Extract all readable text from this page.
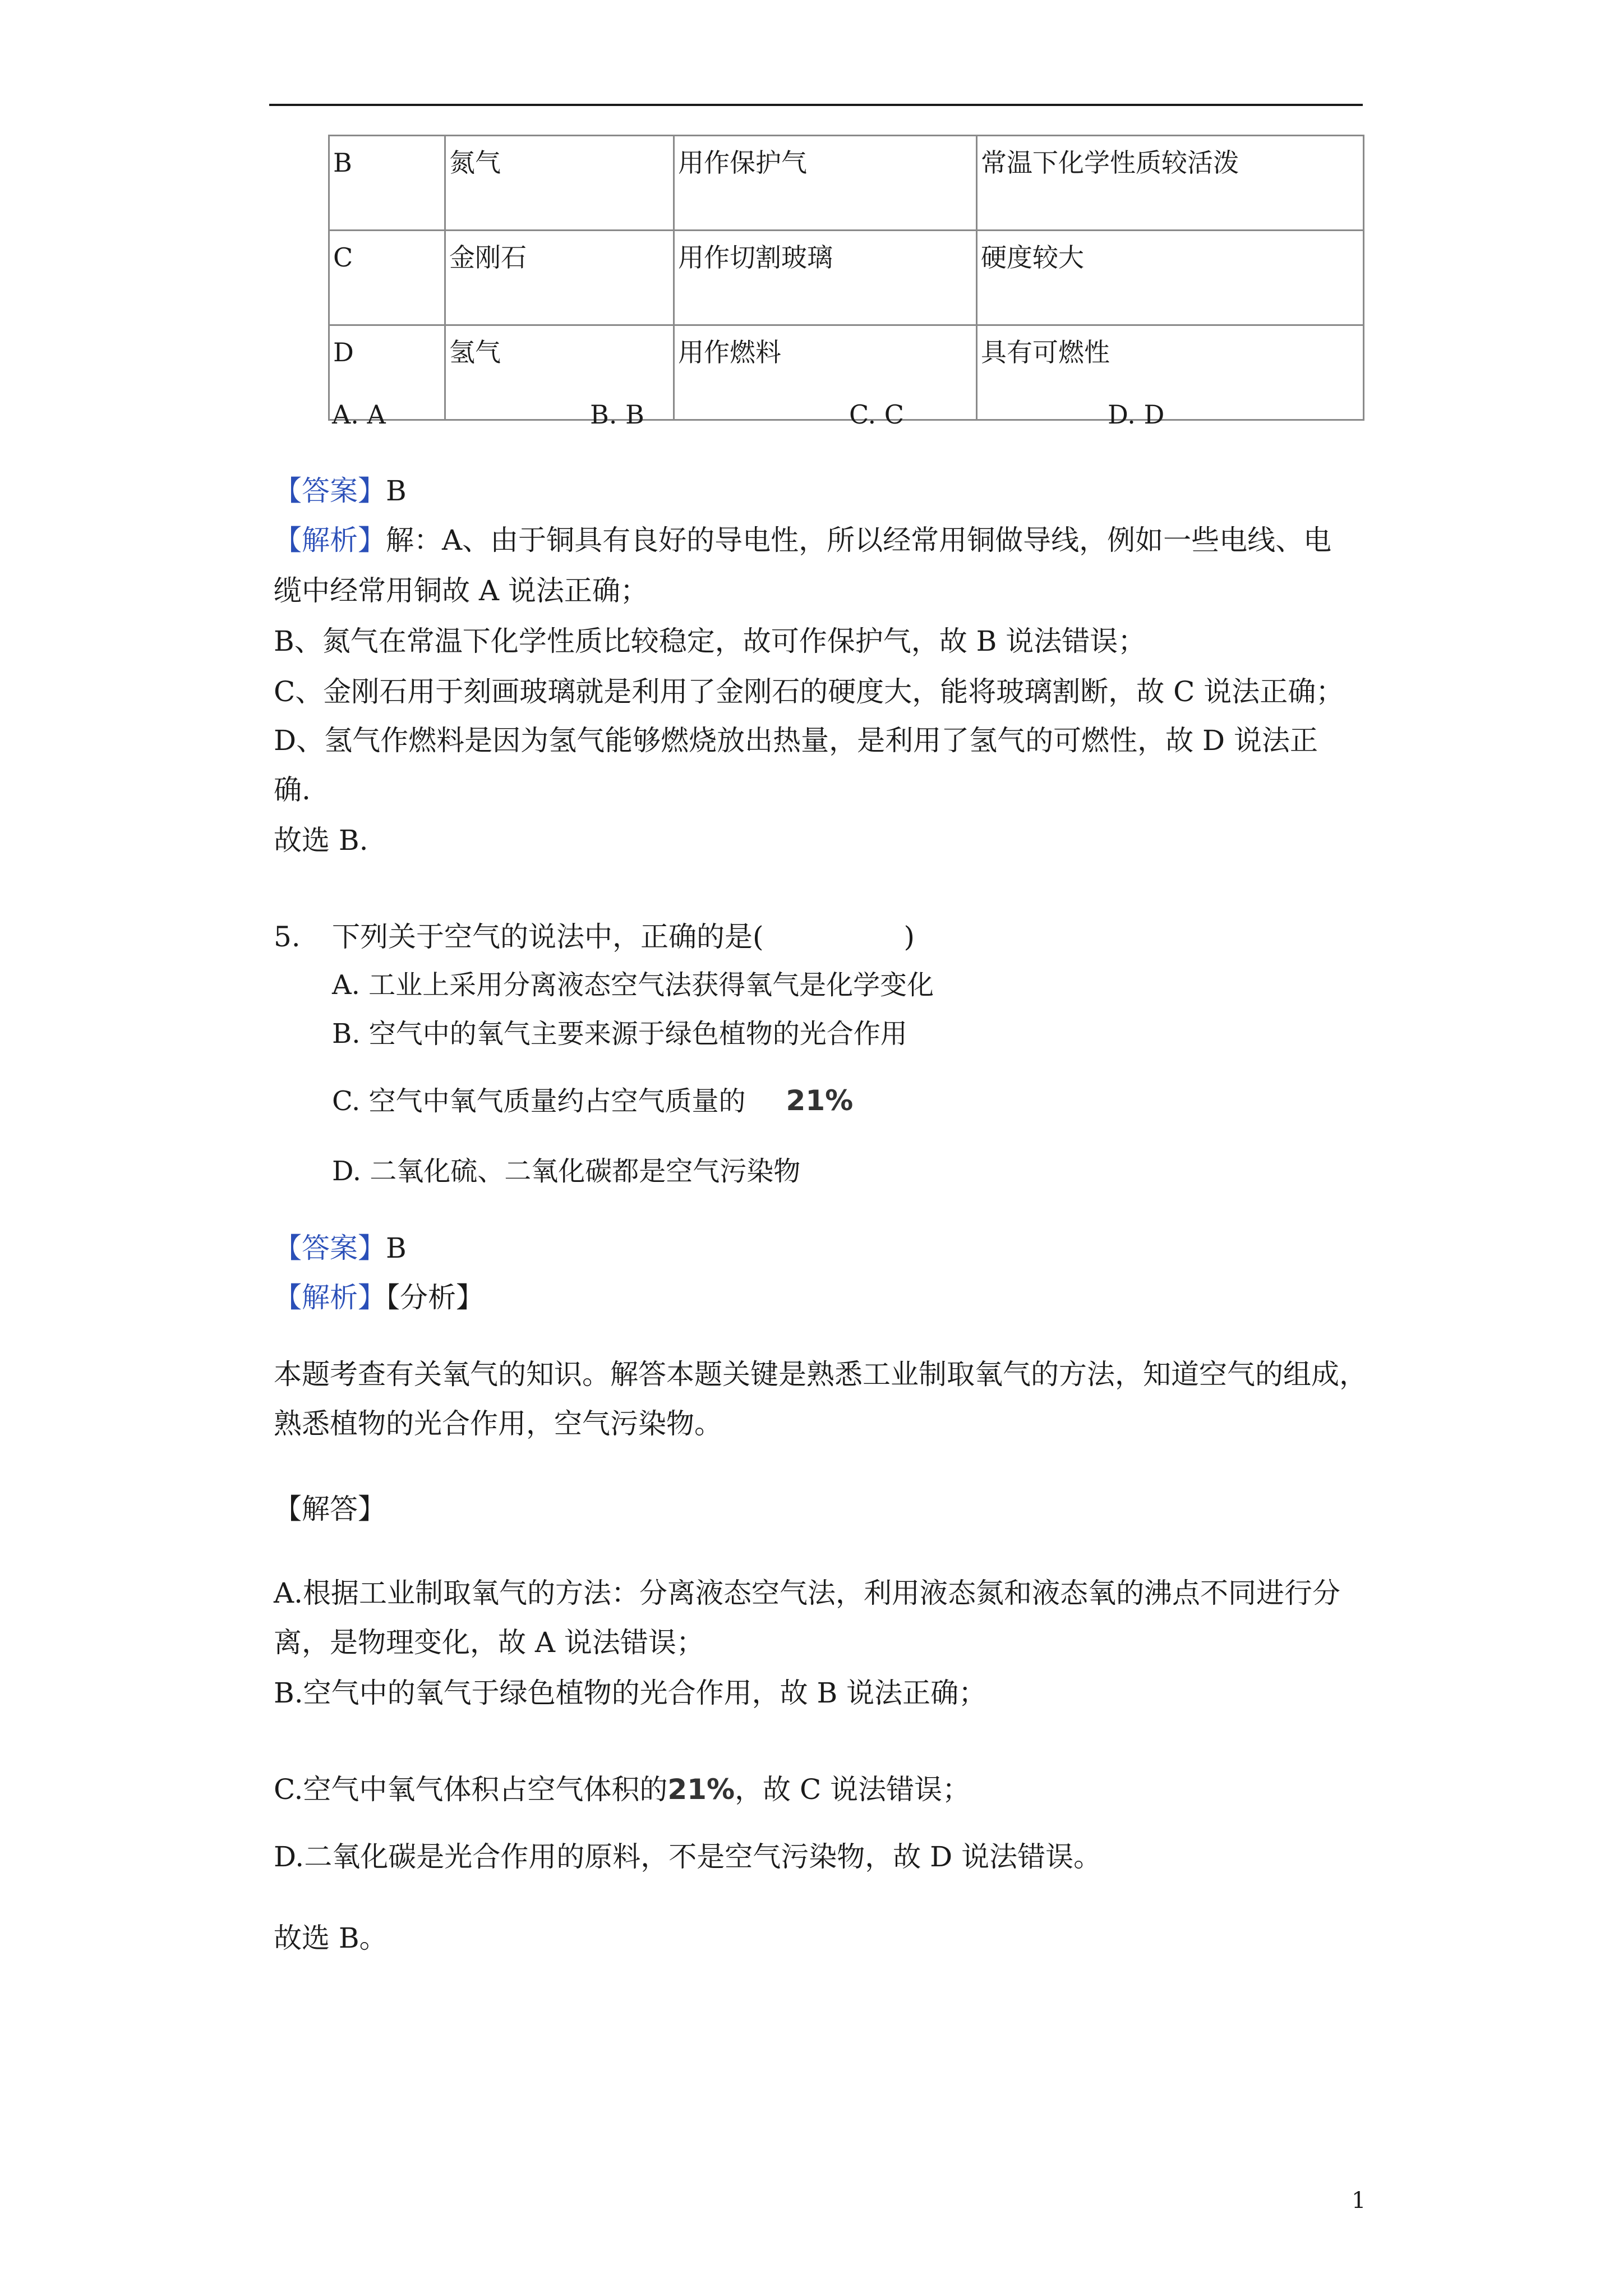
B	氮气	用作保护气	常温下化学性质较活泼
C	金刚石	用作切割玻璃	硬度较大
D	氢气	用作燃料	具有可燃性
A. A	B. B	C. C	D. D
【答案】B
【解析】解：A、由于铜具有良好的导电性，所以经常用铜做导线，例如一些电线、电
缆中经常用铜故 A 说法正确；
B、氮气在常温下化学性质比较稳定，故可作保护气，故 B 说法错误；
C、金刚石用于刻画玻璃就是利用了金刚石的硬度大，能将玻璃割断，故 C 说法正确；
D、氢气作燃料是因为氢气能够燃烧放出热量，是利用了氢气的可燃性，故 D 说法正
确.
故选 B.
5. 下列关于空气的说法中，正确的是(　　　　　)
A. 工业上采用分离液态空气法获得氧气是化学变化
B. 空气中的氧气主要来源于绿色植物的光合作用
C. 空气中氧气质量约占空气质量的 21%
D. 二氧化硫、二氧化碳都是空气污染物
【答案】B
【解析】【分析】
本题考查有关氧气的知识。解答本题关键是熟悉工业制取氧气的方法，知道空气的组成，
熟悉植物的光合作用，空气污染物。
【解答】
A.根据工业制取氧气的方法：分离液态空气法，利用液态氮和液态氧的沸点不同进行分
离，是物理变化，故 A 说法错误；
B.空气中的氧气于绿色植物的光合作用，故 B 说法正确；
C.空气中氧气体积占空气体积的21%，故 C 说法错误；
D.二氧化碳是光合作用的原料，不是空气污染物，故 D 说法错误。
故选 B。
1
